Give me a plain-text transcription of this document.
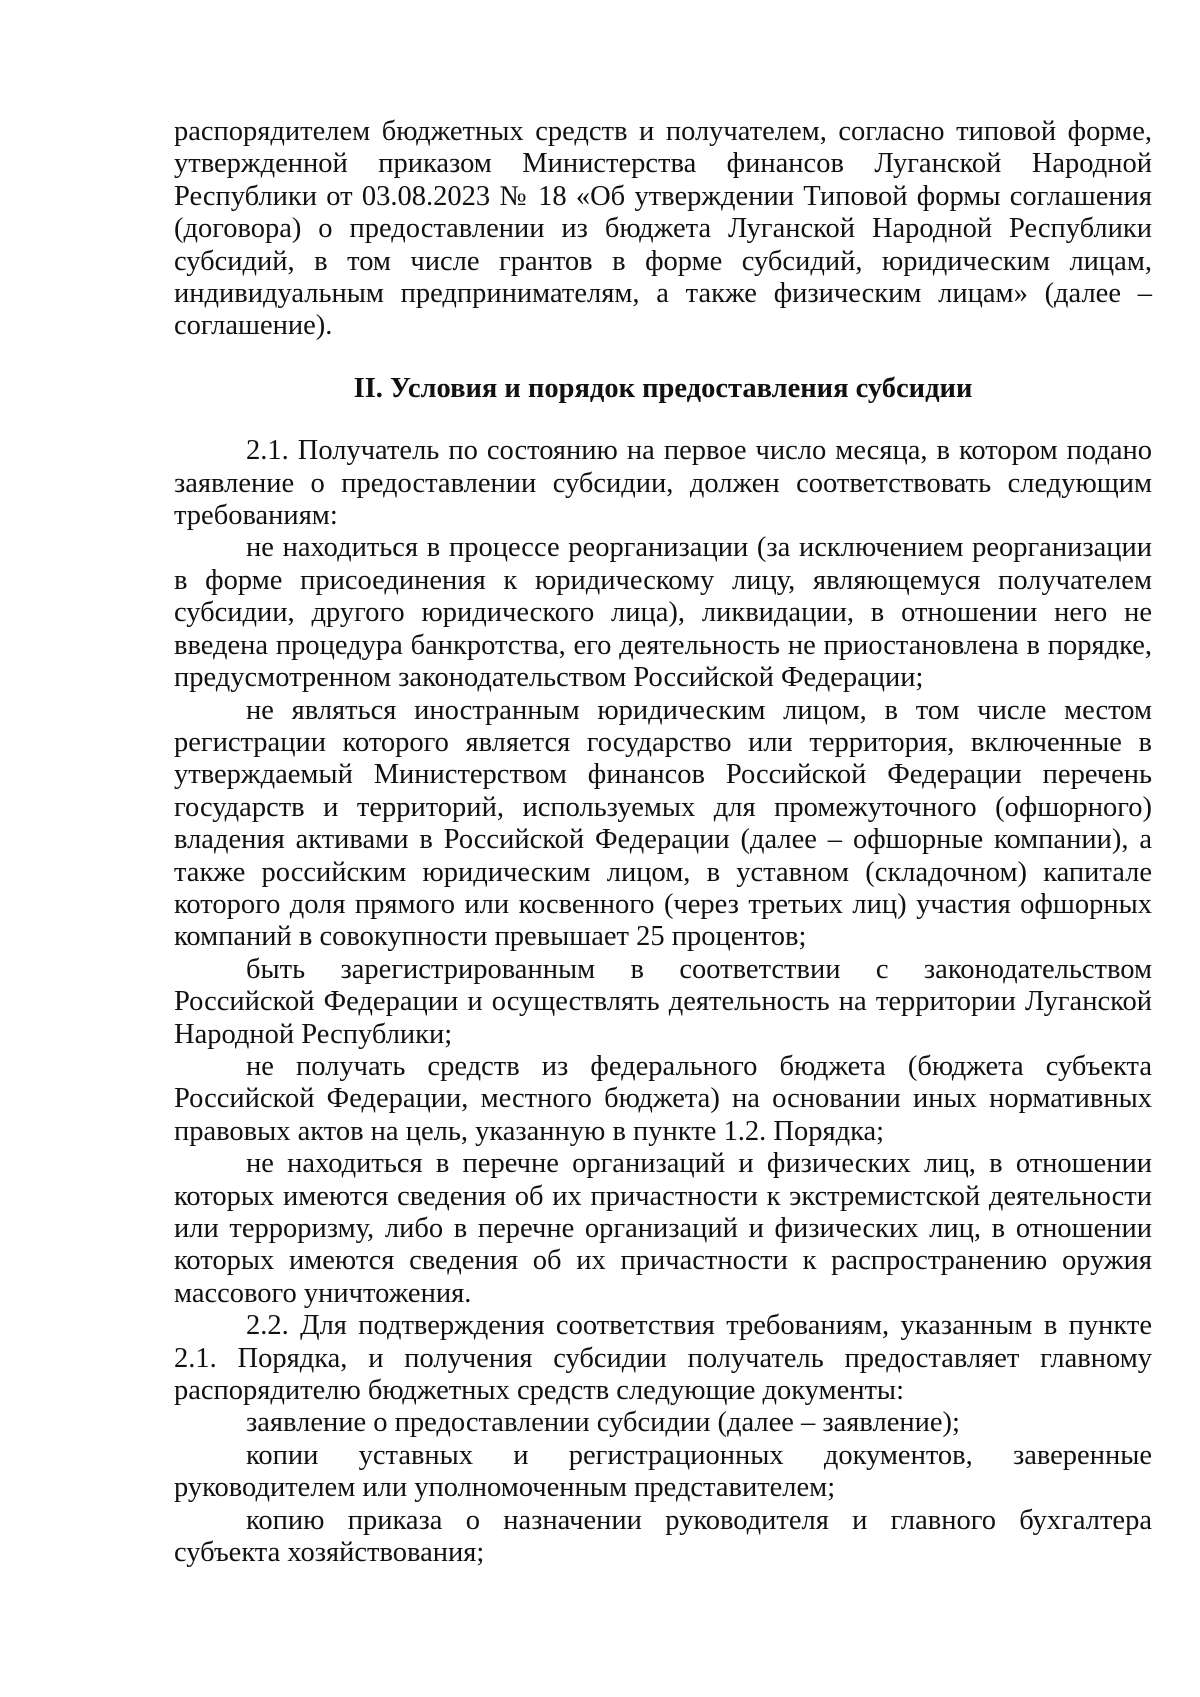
распорядителем бюджетных средств и получателем, согласно типовой форме, утвержденной приказом Министерства финансов Луганской Народной Республики от 03.08.2023 № 18 «Об утверждении Типовой формы соглашения (договора) о предоставлении из бюджета Луганской Народной Республики субсидий, в том числе грантов в форме субсидий, юридическим лицам, индивидуальным предпринимателям, а также физическим лицам» (далее – соглашение).

II. Условия и порядок предоставления субсидии

2.1. Получатель по состоянию на первое число месяца, в котором подано заявление о предоставлении субсидии, должен соответствовать следующим требованиям:

не находиться в процессе реорганизации (за исключением реорганизации в форме присоединения к юридическому лицу, являющемуся получателем субсидии, другого юридического лица), ликвидации, в отношении него не введена процедура банкротства, его деятельность не приостановлена в порядке, предусмотренном законодательством Российской Федерации;

не являться иностранным юридическим лицом, в том числе местом регистрации которого является государство или территория, включенные в утверждаемый Министерством финансов Российской Федерации перечень государств и территорий, используемых для промежуточного (офшорного) владения активами в Российской Федерации (далее – офшорные компании), а также российским юридическим лицом, в уставном (складочном) капитале которого доля прямого или косвенного (через третьих лиц) участия офшорных компаний в совокупности превышает 25 процентов;

быть зарегистрированным в соответствии с законодательством Российской Федерации и осуществлять деятельность на территории Луганской Народной Республики;

не получать средств из федерального бюджета (бюджета субъекта Российской Федерации, местного бюджета) на основании иных нормативных правовых актов на цель, указанную в пункте 1.2. Порядка;

не находиться в перечне организаций и физических лиц, в отношении которых имеются сведения об их причастности к экстремистской деятельности или терроризму, либо в перечне организаций и физических лиц, в отношении которых имеются сведения об их причастности к распространению оружия массового уничтожения.

2.2. Для подтверждения соответствия требованиям, указанным в пункте 2.1. Порядка, и получения субсидии получатель предоставляет главному распорядителю бюджетных средств следующие документы:

заявление о предоставлении субсидии (далее – заявление);

копии уставных и регистрационных документов, заверенные руководителем или уполномоченным представителем;

копию приказа о назначении руководителя и главного бухгалтера субъекта хозяйствования;
